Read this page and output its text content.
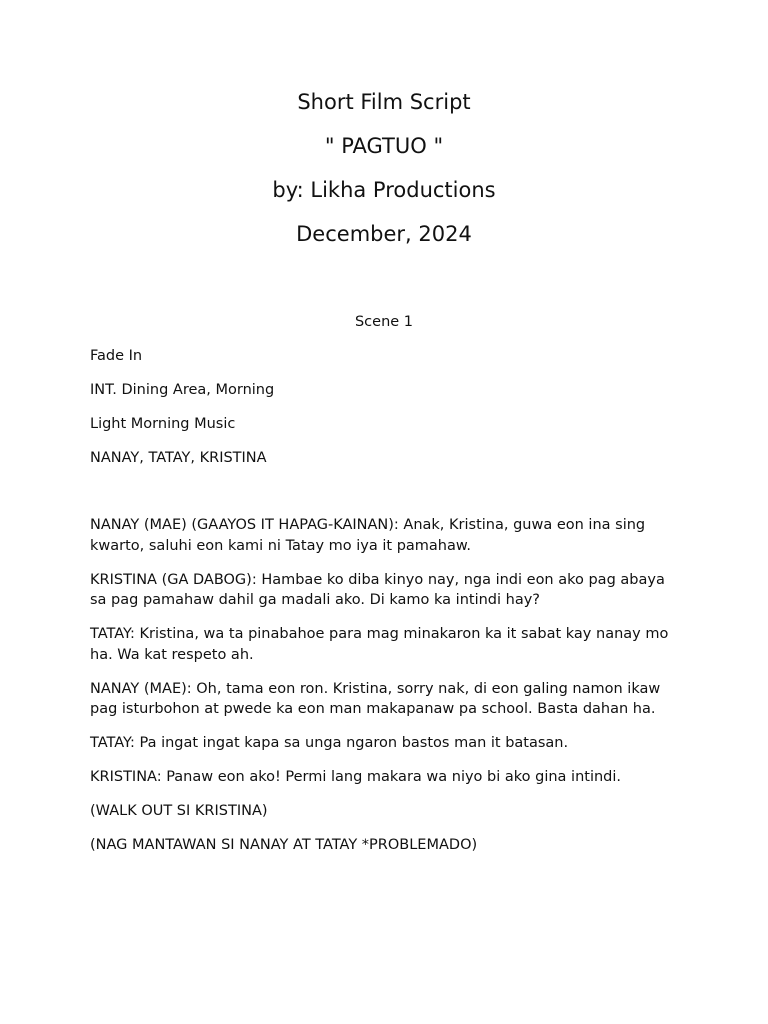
Short Film Script
" PAGTUO "
by: Likha Productions
December, 2024
Scene 1
Fade In
INT. Dining Area, Morning
Light Morning Music
NANAY, TATAY, KRISTINA
NANAY (MAE) (GAAYOS IT HAPAG-KAINAN): Anak, Kristina, guwa eon ina sing kwarto, saluhi eon kami ni Tatay mo iya it pamahaw.
KRISTINA (GA DABOG): Hambae ko diba kinyo nay, nga indi eon ako pag abaya sa pag pamahaw dahil ga madali ako. Di kamo ka intindi hay?
TATAY: Kristina, wa ta pinabahoe para mag minakaron ka it sabat kay nanay mo ha. Wa kat respeto ah.
NANAY (MAE): Oh, tama eon ron. Kristina, sorry nak, di eon galing namon ikaw pag isturbohon at pwede ka eon man makapanaw pa school. Basta dahan ha.
TATAY: Pa ingat ingat kapa sa unga ngaron bastos man it batasan.
KRISTINA: Panaw eon ako! Permi lang makara wa niyo bi ako gina intindi.
(WALK OUT SI KRISTINA)
(NAG MANTAWAN SI NANAY AT TATAY *PROBLEMADO)
